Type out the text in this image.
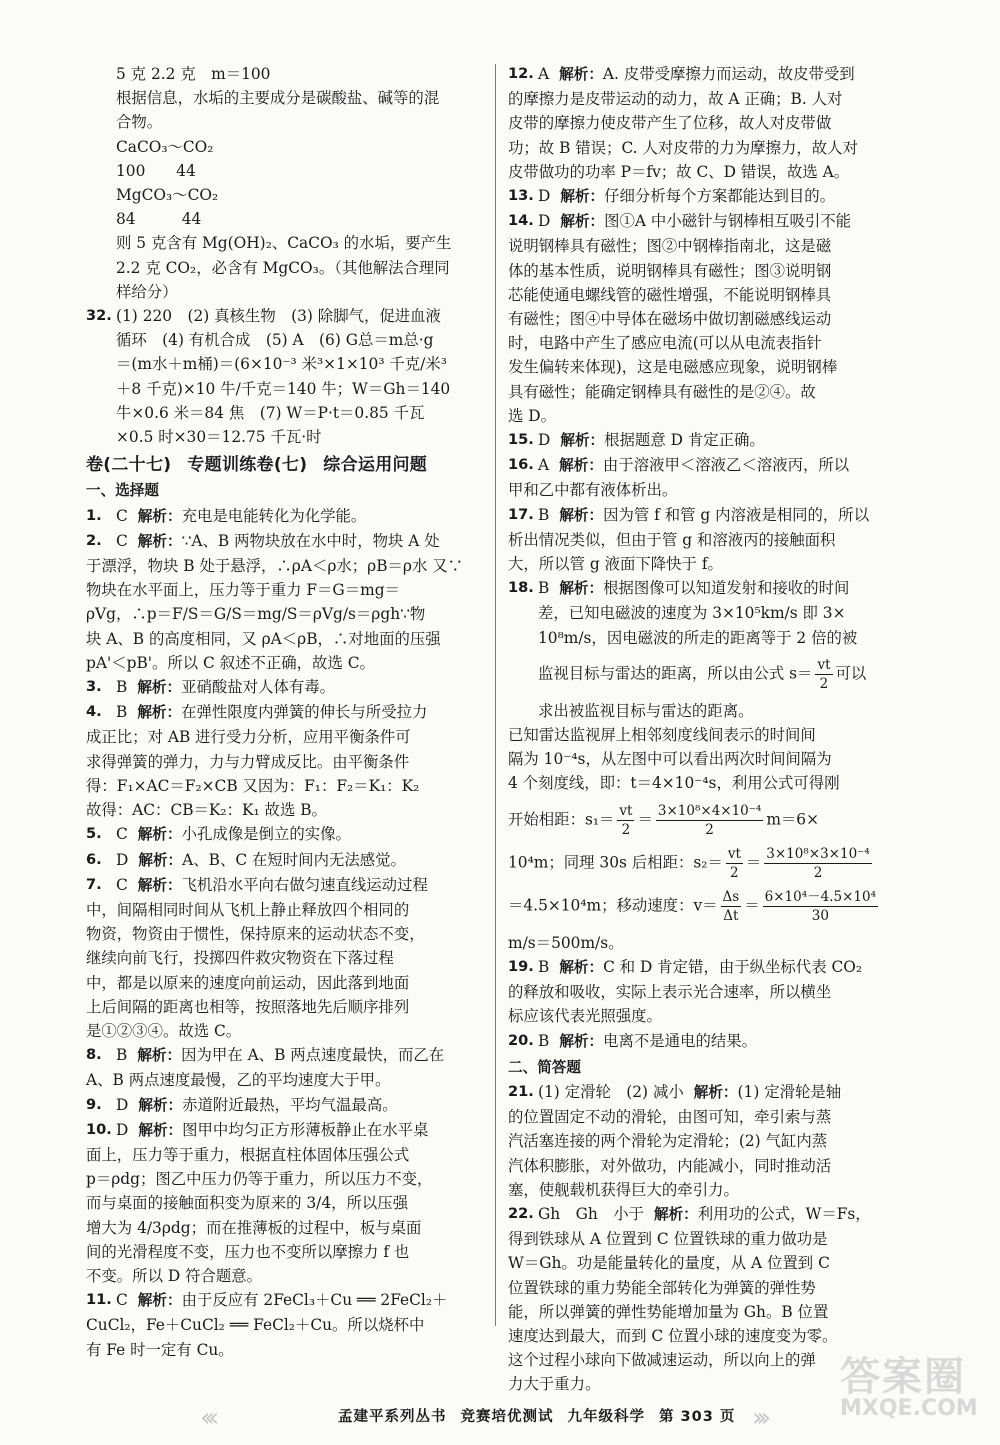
5 克 2.2 克　m＝100

根据信息，水垢的主要成分是碳酸盐、碱等的混

合物。

CaCO₃～CO₂

100　　44

MgCO₃～CO₂

84　　　44

则 5 克含有 Mg(OH)₂、CaCO₃ 的水垢，要产生

2.2 克 CO₂，必含有 MgCO₃。（其他解法合理同

样给分）

32. (1) 220　(2) 真核生物　(3) 除脚气，促进血液

循环　(4) 有机合成　(5) A　(6) G总＝m总·g

＝(m水＋m桶)＝(6×10⁻³ 米³×1×10³ 千克/米³

＋8 千克)×10 牛/千克＝140 牛；W＝Gh＝140

牛×0.6 米＝84 焦　(7) W＝P·t＝0.85 千瓦

×0.5 时×30＝12.75 千瓦·时

卷(二十七) 专题训练卷(七) 综合运用问题
一、选择题
1. C 解析：充电是电能转化为化学能。

2. C 解析：∵A、B 两物块放在水中时，物块 A 处

于漂浮，物块 B 处于悬浮，∴ρA＜ρ水；ρB＝ρ水 又∵

物块在水平面上，压力等于重力 F＝G＝mg＝

ρVg，∴p＝F/S＝G/S＝mg/S＝ρVg/s＝ρgh∵物

块 A、B 的高度相同，又 ρA＜ρB，∴对地面的压强

pA'＜pB'。所以 C 叙述不正确，故选 C。

3. B 解析：亚硝酸盐对人体有毒。

4. B 解析：在弹性限度内弹簧的伸长与所受拉力

成正比；对 AB 进行受力分析，应用平衡条件可

求得弹簧的弹力，力与力臂成反比。由平衡条件

得：F₁×AC＝F₂×CB 又因为：F₁：F₂＝K₁：K₂

故得：AC：CB＝K₂：K₁ 故选 B。

5. C 解析：小孔成像是倒立的实像。

6. D 解析：A、B、C 在短时间内无法感觉。

7. C 解析：飞机沿水平向右做匀速直线运动过程

中，间隔相同时间从飞机上静止释放四个相同的

物资，物资由于惯性，保持原来的运动状态不变，

继续向前飞行，投掷四件救灾物资在下落过程

中，都是以原来的速度向前运动，因此落到地面

上后间隔的距离也相等，按照落地先后顺序排列

是①②③④。故选 C。

8. B 解析：因为甲在 A、B 两点速度最快，而乙在

A、B 两点速度最慢，乙的平均速度大于甲。

9. D 解析：赤道附近最热，平均气温最高。

10. D 解析：图甲中均匀正方形薄板静止在水平桌

面上，压力等于重力，根据直柱体固体压强公式

p＝ρdg；图乙中压力仍等于重力，所以压力不变，

而与桌面的接触面积变为原来的 3/4，所以压强

增大为 4/3ρdg；而在推薄板的过程中，板与桌面

间的光滑程度不变，压力也不变所以摩擦力 f 也

不变。所以 D 符合题意。

11. C 解析：由于反应有 2FeCl₃＋Cu ══ 2FeCl₂＋

CuCl₂，Fe＋CuCl₂ ══ FeCl₂＋Cu。所以烧杯中

有 Fe 时一定有 Cu。

12. A 解析：A. 皮带受摩擦力而运动，故皮带受到

的摩擦力是皮带运动的动力，故 A 正确；B. 人对

皮带的摩擦力使皮带产生了位移，故人对皮带做

功；故 B 错误；C. 人对皮带的力为摩擦力，故人对

皮带做功的功率 P＝fv；故 C、D 错误，故选 A。

13. D 解析：仔细分析每个方案都能达到目的。

14. D 解析：图①A 中小磁针与钢棒相互吸引不能

说明钢棒具有磁性；图②中钢棒指南北，这是磁

体的基本性质，说明钢棒具有磁性；图③说明钢

芯能使通电螺线管的磁性增强，不能说明钢棒具

有磁性；图④中导体在磁场中做切割磁感线运动

时，电路中产生了感应电流(可以从电流表指针

发生偏转来体现)，这是电磁感应现象，说明钢棒

具有磁性；能确定钢棒具有磁性的是②④。故

选 D。

15. D 解析：根据题意 D 肯定正确。

16. A 解析：由于溶液甲＜溶液乙＜溶液丙，所以

甲和乙中都有液体析出。

17. B 解析：因为管 f 和管 g 内溶液是相同的，所以

析出情况类似，但由于管 g 和溶液丙的接触面积

大，所以管 g 液面下降快于 f。

18. B 解析：根据图像可以知道发射和接收的时间

差，已知电磁波的速度为 3×10⁵km/s 即 3×

10⁸m/s，因电磁波的所走的距离等于 2 倍的被

监视目标与雷达的距离，所以由公式 $s= \frac{vt}{2}$ 可以

求出被监视目标与雷达的距离。

已知雷达监视屏上相邻刻度线间表示的时间间

隔为 10⁻⁴s，从左图中可以看出两次时间间隔为

4 个刻度线，即：t＝4×10⁻⁴s，利用公式可得刚

开始相距：$s_1= \frac{vt}{2} = \frac{\text{3×10⁸×4×10⁻⁴}}{2} m=6\times$

10⁴m；同理 30s 后相距：$s_2= \frac{vt}{2} = \frac{\text{3×10⁸×3×10⁻⁴}}{2}$

＝4.5×10⁴m；移动速度：$v= \frac{\Delta s}{\Delta t} = \frac{\text{6×10⁴－4.5×10⁴}}{30}$

m/s＝500m/s。

19. B 解析：C 和 D 肯定错，由于纵坐标代表 CO₂

的释放和吸收，实际上表示光合速率，所以横坐

标应该代表光照强度。

20. B 解析：电离不是通电的结果。

二、简答题
21. (1) 定滑轮　(2) 减小 解析：(1) 定滑轮是轴

的位置固定不动的滑轮，由图可知，牵引索与蒸

汽活塞连接的两个滑轮为定滑轮；(2) 气缸内蒸

汽体积膨胀，对外做功，内能减小，同时推动活

塞，使舰载机获得巨大的牵引力。

22. Gh　Gh　小于 解析：利用功的公式，W＝Fs，

得到铁球从 A 位置到 C 位置铁球的重力做功是

W＝Gh。功是能量转化的量度，从 A 位置到 C

位置铁球的重力势能全部转化为弹簧的弹性势

能，所以弹簧的弹性势能增加量为 Gh。B 位置

速度达到最大，而到 C 位置小球的速度变为零。

这个过程小球向下做减速运动，所以向上的弹

力大于重力。

‹‹‹	孟建平系列丛书 竞赛培优测试 九年级科学 第 303 页 ›››
答案圈
MXQE.COM
